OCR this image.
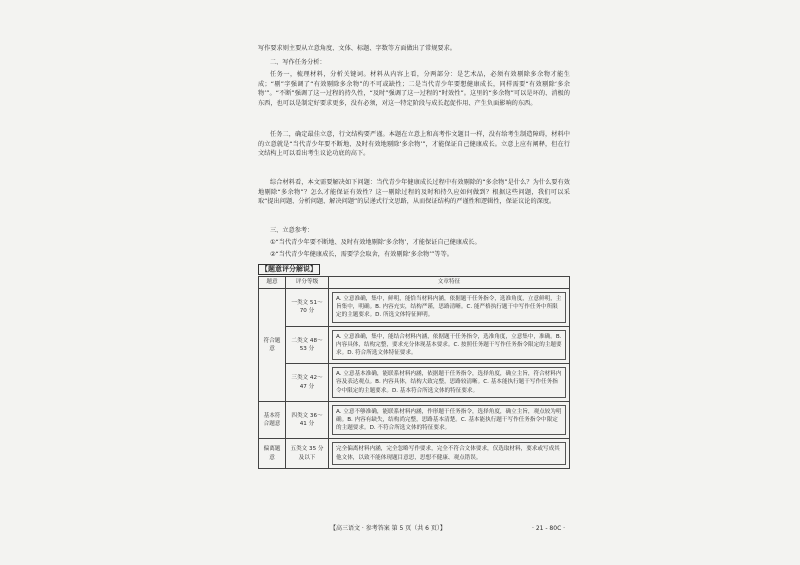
写作要求则主要从立意角度、文体、标题、字数等方面做出了常规要求。

二、写作任务分析：

任务一，梳理材料，分析关键词。材料从内容上看，分两部分：是艺术品，必须有效剔除多余物才能生成；“剔”字强调了“有效剔除多余物”的不可或缺性；二是当代青少年要想健康成长，同样需要“有效剔除‘多余物’”。“不断”强调了这一过程的持久性，“及时”强调了这一过程的“时效性”。这里的“多余物”可以是坏的、消极的东西，也可以是制定好要求更多，没有必须，对这一特定阶段与成长起促作用、产生负面影响的东西。

任务二，确定最佳立意，行文结构要严谨。本题在立意上和高考作文题目一样，没有给考生制造障碍，材料中的立意就是“当代青少年要不断地、及时有效地剔除‘多余物’”，才能保证自己健康成长。立意上应有阐释，但在行文结构上可以看出考生议论功底的高下。

综合材料看，本文需要解决如下问题：当代青少年健康成长过程中有效剔除的“多余物”是什么？为什么要有效地剔除“多余物”？怎么才能保证有效性？这一剔除过程的及时和持久应如何做到？根据这些问题，我们可以采取“提出问题、分析问题、解决问题”的层递式行文思路，从而保证结构的严谨性和逻辑性，保证议论的深度。

三、立意参考：

①“当代青少年要不断地、及时有效地剔除‘多余物’，才能保证自己健康成长。

②“当代青少年健康成长，需要学会取舍，有效剔除‘多余物’”等等。

【题意评分解说】
题意	评分等级	文章特征
符合题意	一类文 51～70 分	A. 立意准确，集中，鲜明，能恰当材料内涵，依据题干任务指令，选准角度，立意鲜明，主旨集中，明确。B. 内容充实，结构严谨，思路清晰。C. 能严格执行题干中写作任务中所限定的主题要求。D. 所选文体特征鲜明。

	二类文 48～53 分	A. 立意准确，集中，能结合材料内涵，依据题干任务指令，选准角度，立意集中，准确。B. 内容具体，结构完整，要求充分体现基本要求。C. 按照任务题干写作任务指令限定的主题要求。D. 符合所选文体特征要求。

	三类文 42～47 分	A. 立意基本准确，能联系材料内涵，依据题干任务指令，选择角度，确立主旨，符合材料内容及表达观点。B. 内容具体，结构大致完整，思路较清晰。C. 基本能执行题干写作任务指令中限定的主题要求。D. 基本符合所选文体的特征要求。

基本符合题意	四类文 36～41 分	A. 立意不够准确，能联系材料内涵，作形题干任务指令，选择角度，确立主旨，观点较为明确。B. 内容有缺失，结构尚完整，思路基本清楚。C. 基本能执行题干写作任务指令中限定的主题要求。D. 不符合所选文体的特征要求。

偏离题意	五类文 35 分及以下	完全偏离材料内涵，完全忽略写作要求，完全不符合文体要求，仅选取材料，要求或写成其他文体，以致不能体现题目意思，思想不健康、观点错误。
【高三语文 · 参考答案 第 5 页（共 6 页）】	· 21 - 80C ·
